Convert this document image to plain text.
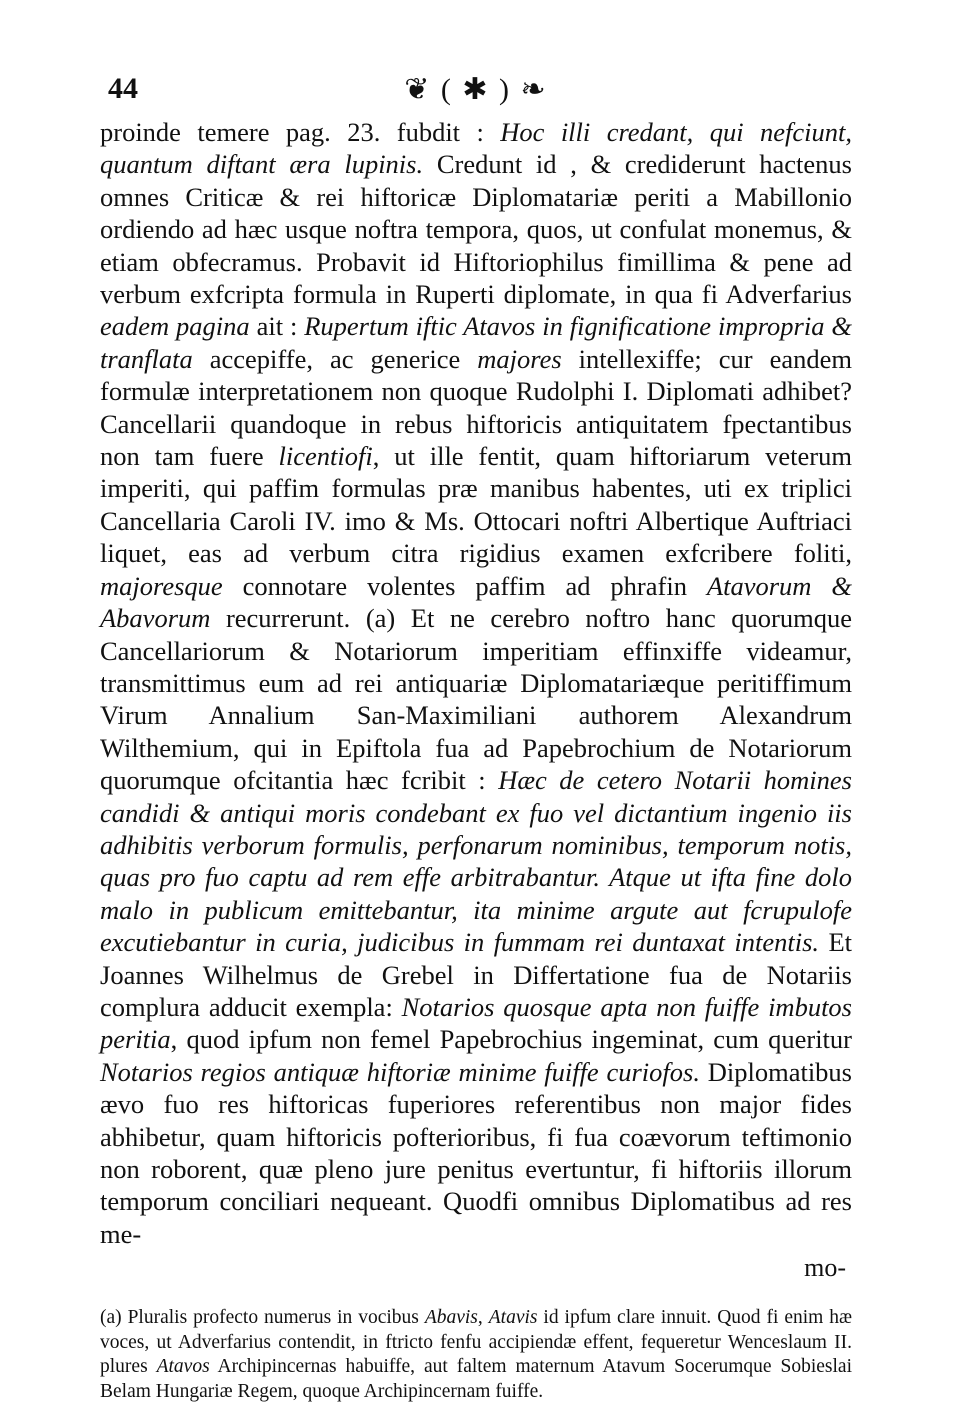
44	❦ ( ✱ ) ❧
proinde temere pag. 23. fubdit : Hoc illi credant, qui nefciunt, quantum diftant æra lupinis. Credunt id , & crediderunt hactenus omnes Criticæ & rei hiftoricæ Diplomatariæ periti a Mabillonio ordiendo ad hæc usque noftra tempora, quos, ut confulat monemus, & etiam obfecramus. Probavit id Hiftoriophilus fimillima & pene ad verbum exfcripta formula in Ruperti diplomate, in qua fi Adverfarius eadem pagina ait : Rupertum iftic Atavos in fignificatione impropria & tranflata accepiffe, ac generice majores intellexiffe; cur eandem formulæ interpretationem non quoque Rudolphi I. Diplomati adhibet? Cancellarii quandoque in rebus hiftoricis antiquitatem fpectantibus non tam fuere licentiofi, ut ille fentit, quam hiftoriarum veterum imperiti, qui paffim formulas præ manibus habentes, uti ex triplici Cancellaria Caroli IV. imo & Ms. Ottocari noftri Albertique Auftriaci liquet, eas ad verbum citra rigidius examen exfcribere foliti, majoresque connotare volentes paffim ad phrafin Atavorum & Abavorum recurrerunt. (a) Et ne cerebro noftro hanc quorumque Cancellariorum & Notariorum imperitiam effinxiffe videamur, transmittimus eum ad rei antiquariæ Diplomatariæque peritiffimum Virum Annalium San-Maximiliani authorem Alexandrum Wilthemium, qui in Epiftola fua ad Papebrochium de Notariorum quorumque ofcitantia hæc fcribit : Hæc de cetero Notarii homines candidi & antiqui moris condebant ex fuo vel dictantium ingenio iis adhibitis verborum formulis, perfonarum nominibus, temporum notis, quas pro fuo captu ad rem effe arbitrabantur. Atque ut ifta fine dolo malo in publicum emittebantur, ita minime argute aut fcrupulofe excutiebantur in curia, judicibus in fummam rei duntaxat intentis. Et Joannes Wilhelmus de Grebel in Differtatione fua de Notariis complura adducit exempla: Notarios quosque apta non fuiffe imbutos peritia, quod ipfum non femel Papebrochius ingeminat, cum queritur Notarios regios antiquæ hiftoriæ minime fuiffe curiofos. Diplomatibus ævo fuo res hiftoricas fuperiores referentibus non major fides abhibetur, quam hiftoricis pofterioribus, fi fua coævorum teftimonio non roborent, quæ pleno jure penitus evertuntur, fi hiftoriis illorum temporum conciliari nequeant. Quodfi omnibus Diplomatibus ad res me-
mo-
(a) Pluralis profecto numerus in vocibus Abavis, Atavis id ipfum clare innuit. Quod fi enim hæ voces, ut Adverfarius contendit, in ftricto fenfu accipiendæ effent, fequeretur Wenceslaum II. plures Atavos Archipincernas habuiffe, aut faltem maternum Atavum Socerumque Sobieslai Belam Hungariæ Regem, quoque Archipincernam fuiffe.
